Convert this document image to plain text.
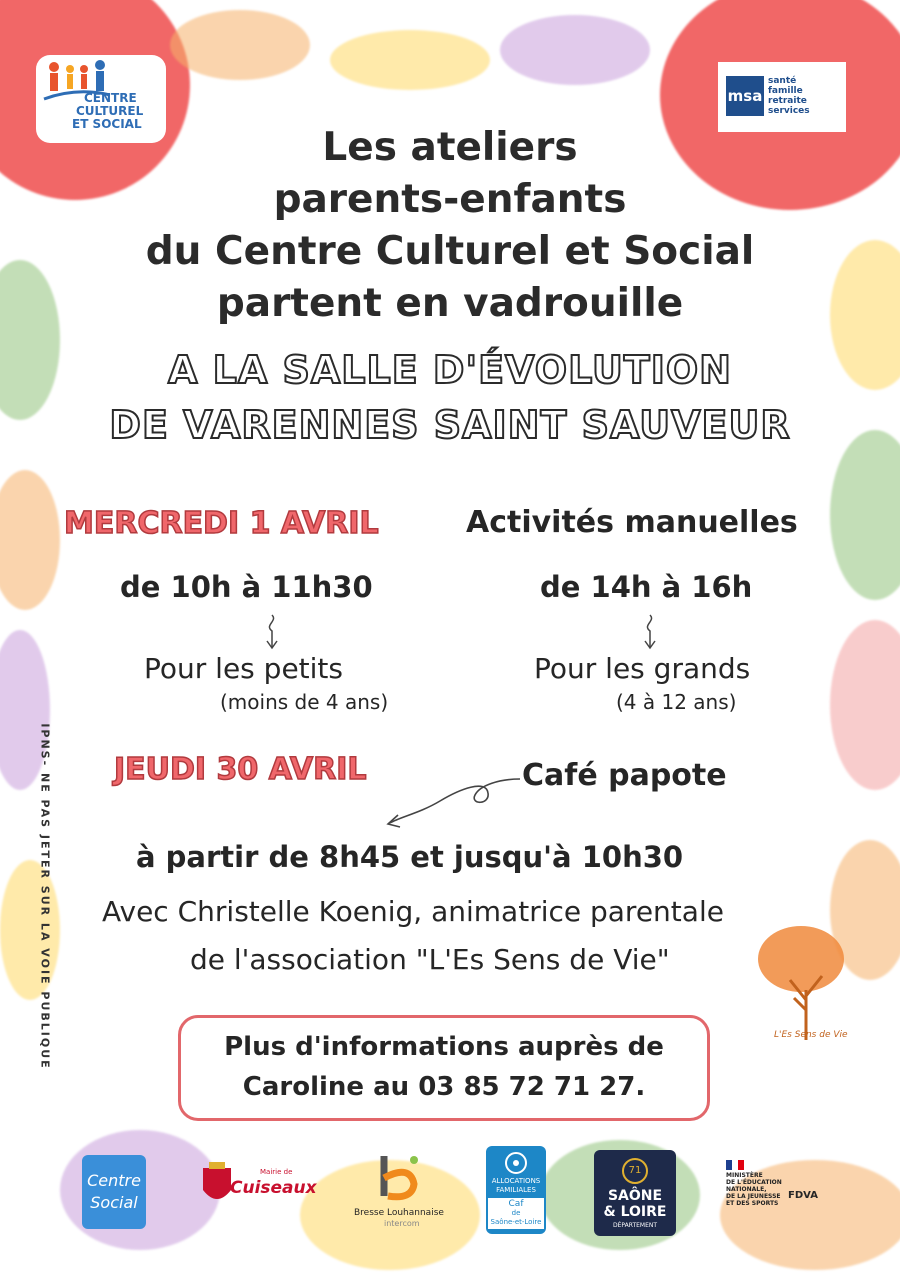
CENTRE
CULTUREL
ET SOCIAL
msa
santé
famille
retraite
services
Les ateliers
parents-enfants
du Centre Culturel et Social
partent en vadrouille
A LA SALLE D'ÉVOLUTION
DE VARENNES SAINT SAUVEUR
MERCREDI 1 AVRIL	Activités manuelles
de 10h à 11h30
Pour les petits
(moins de 4 ans)
de 14h à 16h
Pour les grands
(4 à 12 ans)
JEUDI 30 AVRIL	Café papote
à partir de 8h45 et jusqu'à 10h30
Avec Christelle Koenig, animatrice parentale
de l'association "L'Es Sens de Vie"
L'Es Sens de Vie
Plus d'informations auprès de
Caroline au 03 85 72 71 27.
IPNS- NE PAS JETER SUR LA VOIE PUBLIQUE
Centre
Social
Mairie de
Cuiseaux
Bresse Louhannaise
intercom
ALLOCATIONS
FAMILIALES
Caf
de
Saône-et-Loire
71
SAÔNE
& LOIRE
DÉPARTEMENT
MINISTÈRE
DE L'ÉDUCATION
NATIONALE,
DE LA JEUNESSE
ET DES SPORTS
FDVA
